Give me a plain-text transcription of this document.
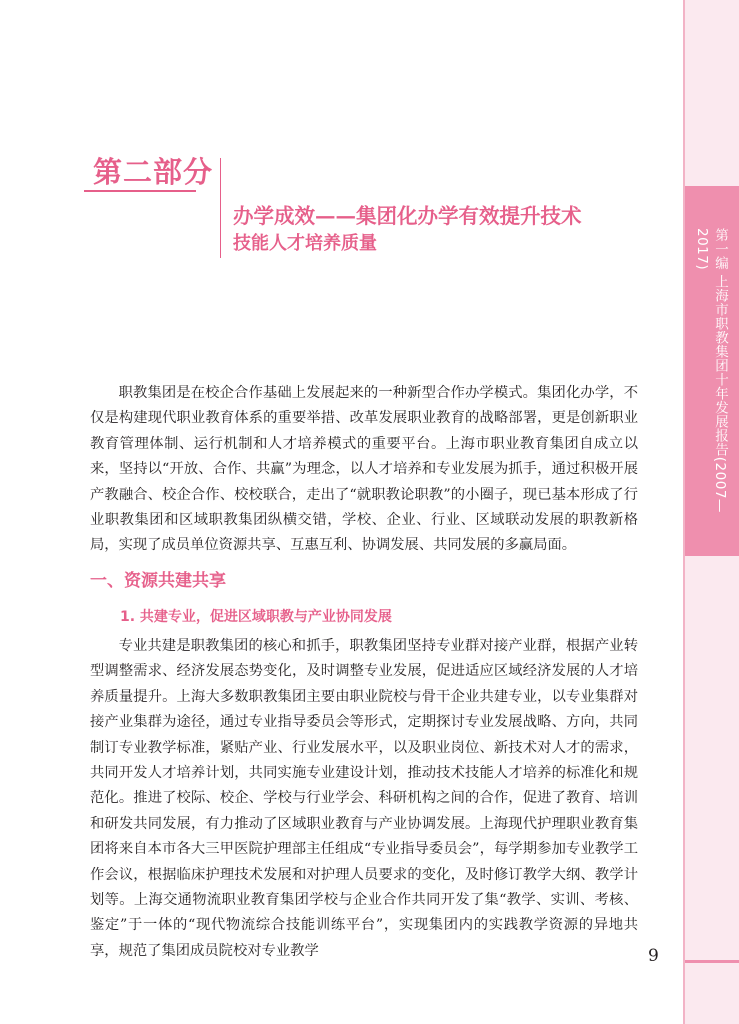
第一编 上海市职教集团十年发展报告(2007—2017)
第二部分
办学成效——集团化办学有效提升技术
技能人才培养质量

职教集团是在校企合作基础上发展起来的一种新型合作办学模式。集团化办学，不仅是构建现代职业教育体系的重要举措、改革发展职业教育的战略部署，更是创新职业教育管理体制、运行机制和人才培养模式的重要平台。上海市职业教育集团自成立以来，坚持以“开放、合作、共赢”为理念，以人才培养和专业发展为抓手，通过积极开展产教融合、校企合作、校校联合，走出了“就职教论职教”的小圈子，现已基本形成了行业职教集团和区域职教集团纵横交错，学校、企业、行业、区域联动发展的职教新格局，实现了成员单位资源共享、互惠互利、协调发展、共同发展的多赢局面。

一、资源共建共享
1. 共建专业，促进区域职教与产业协同发展

专业共建是职教集团的核心和抓手，职教集团坚持专业群对接产业群，根据产业转型调整需求、经济发展态势变化，及时调整专业发展，促进适应区域经济发展的人才培养质量提升。上海大多数职教集团主要由职业院校与骨干企业共建专业，以专业集群对接产业集群为途径，通过专业指导委员会等形式，定期探讨专业发展战略、方向，共同制订专业教学标准，紧贴产业、行业发展水平，以及职业岗位、新技术对人才的需求，共同开发人才培养计划，共同实施专业建设计划，推动技术技能人才培养的标准化和规范化。推进了校际、校企、学校与行业学会、科研机构之间的合作，促进了教育、培训和研发共同发展，有力推动了区域职业教育与产业协调发展。上海现代护理职业教育集团将来自本市各大三甲医院护理部主任组成“专业指导委员会”，每学期参加专业教学工作会议，根据临床护理技术发展和对护理人员要求的变化，及时修订教学大纲、教学计划等。上海交通物流职业教育集团学校与企业合作共同开发了集“教学、实训、考核、鉴定”于一体的“现代物流综合技能训练平台”，实现集团内的实践教学资源的异地共享，规范了集团成员院校对专业教学	9
